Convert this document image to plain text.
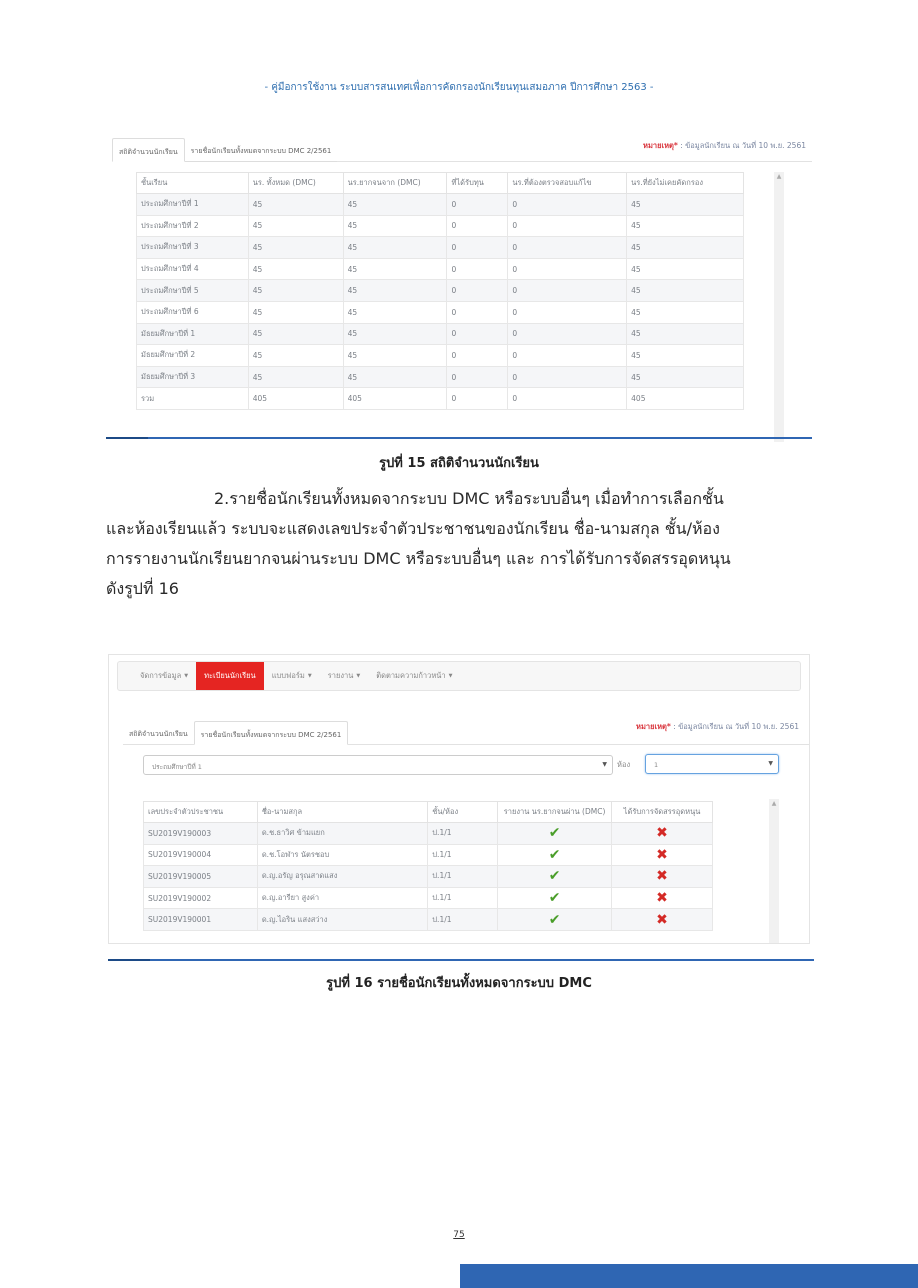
- คู่มือการใช้งาน ระบบสารสนเทศเพื่อการคัดกรองนักเรียนทุนเสมอภาค ปีการศึกษา 2563 -
สถิติจำนวนนักเรียน	รายชื่อนักเรียนทั้งหมดจากระบบ DMC 2/2561
หมายเหตุ* : ข้อมูลนักเรียน ณ วันที่ 10 พ.ย. 2561
ชั้นเรียน	นร. ทั้งหมด (DMC)	นร.ยากจนจาก (DMC)	ที่ได้รับทุน	นร.ที่ต้องตรวจสอบแก้ไข	นร.ที่ยังไม่เคยคัดกรอง
ประถมศึกษาปีที่ 1	45	45	0	0	45
ประถมศึกษาปีที่ 2	45	45	0	0	45
ประถมศึกษาปีที่ 3	45	45	0	0	45
ประถมศึกษาปีที่ 4	45	45	0	0	45
ประถมศึกษาปีที่ 5	45	45	0	0	45
ประถมศึกษาปีที่ 6	45	45	0	0	45
มัธยมศึกษาปีที่ 1	45	45	0	0	45
มัธยมศึกษาปีที่ 2	45	45	0	0	45
มัธยมศึกษาปีที่ 3	45	45	0	0	45
รวม	405	405	0	0	405
▲
รูปที่ 15 สถิติจำนวนนักเรียน
2.รายชื่อนักเรียนทั้งหมดจากระบบ DMC หรือระบบอื่นๆ เมื่อทำการเลือกชั้น
และห้องเรียนแล้ว ระบบจะแสดงเลขประจำตัวประชาชนของนักเรียน ชื่อ-นามสกุล ชั้น/ห้อง
การรายงานนักเรียนยากจนผ่านระบบ DMC หรือระบบอื่นๆ และ การได้รับการจัดสรรอุดหนุน
ดังรูปที่ 16
จัดการข้อมูล ▼ ทะเบียนนักเรียน แบบฟอร์ม ▼ รายงาน ▼ ติดตามความก้าวหน้า ▼
สถิติจำนวนนักเรียน	รายชื่อนักเรียนทั้งหมดจากระบบ DMC 2/2561
หมายเหตุ* : ข้อมูลนักเรียน ณ วันที่ 10 พ.ย. 2561
ประถมศึกษาปีที่ 1	▼ ห้อง	1	▼
เลขประจำตัวประชาชน	ชื่อ-นามสกุล	ชั้น/ห้อง	รายงาน นร.ยากจนผ่าน (DMC)	ได้รับการจัดสรรอุดหนุน
SU2019V190003	ด.ช.ธาวิศ ข้ามแยก	ป.1/1	✔	✖
SU2019V190004	ด.ช.โอฬาร นัตรชอบ	ป.1/1	✔	✖
SU2019V190005	ด.ญ.อรัญ อรุณสาดแสง	ป.1/1	✔	✖
SU2019V190002	ด.ญ.อารียา สูงค่า	ป.1/1	✔	✖
SU2019V190001	ด.ญ.ไอริน แสงสว่าง	ป.1/1	✔	✖
▲
รูปที่ 16 รายชื่อนักเรียนทั้งหมดจากระบบ DMC
75
